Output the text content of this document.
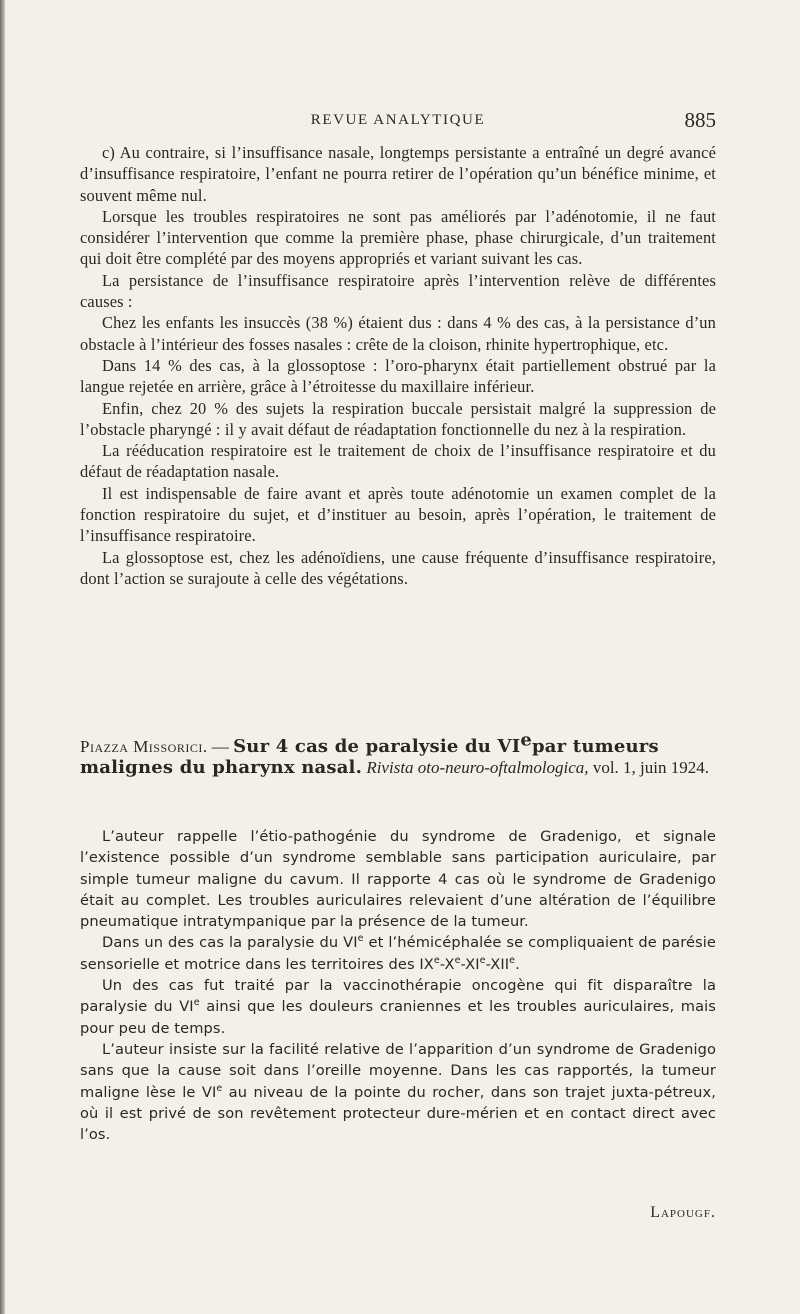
REVUE ANALYTIQUE	885

c) Au contraire, si l’insuffisance nasale, longtemps persistante a entraîné un degré avancé d’insuffisance respiratoire, l’enfant ne pourra retirer de l’opération qu’un bénéfice minime, et souvent même nul.

Lorsque les troubles respiratoires ne sont pas améliorés par l’adénotomie, il ne faut considérer l’intervention que comme la première phase, phase chirurgicale, d’un traitement qui doit être complété par des moyens appropriés et variant suivant les cas.

La persistance de l’insuffisance respiratoire après l’intervention relève de différentes causes :

Chez les enfants les insuccès (38 %) étaient dus : dans 4 % des cas, à la persistance d’un obstacle à l’intérieur des fosses nasales : crête de la cloison, rhinite hypertrophique, etc.

Dans 14 % des cas, à la glossoptose : l’oro-pharynx était partiellement obstrué par la langue rejetée en arrière, grâce à l’étroitesse du maxillaire inférieur.

Enfin, chez 20 % des sujets la respiration buccale persistait malgré la suppression de l’obstacle pharyngé : il y avait défaut de réadaptation fonctionnelle du nez à la respiration.

La rééducation respiratoire est le traitement de choix de l’insuffisance respiratoire et du défaut de réadaptation nasale.

Il est indispensable de faire avant et après toute adénotomie un examen complet de la fonction respiratoire du sujet, et d’instituer au besoin, après l’opération, le traitement de l’insuffisance respiratoire.

La glossoptose est, chez les adénoïdiens, une cause fréquente d’insuffisance respiratoire, dont l’action se surajoute à celle des végétations.

Piazza Missorici. — Sur 4 cas de paralysie du VIepar tumeurs malignes du pharynx nasal. Rivista oto-neuro-oftalmologica, vol. 1, juin 1924.

L’auteur rappelle l’étio-pathogénie du syndrome de Gradenigo, et signale l’existence possible d’un syndrome semblable sans participation auriculaire, par simple tumeur maligne du cavum. Il rapporte 4 cas où le syndrome de Gradenigo était au complet. Les troubles auriculaires relevaient d’une altération de l’équilibre pneumatique intratympanique par la présence de la tumeur.

Dans un des cas la paralysie du VIe et l’hémicéphalée se compliquaient de parésie sensorielle et motrice dans les territoires des IXe-Xe-XIe-XIIe.

Un des cas fut traité par la vaccinothérapie oncogène qui fit disparaître la paralysie du VIe ainsi que les douleurs craniennes et les troubles auriculaires, mais pour peu de temps.

L’auteur insiste sur la facilité relative de l’apparition d’un syndrome de Gradenigo sans que la cause soit dans l’oreille moyenne. Dans les cas rapportés, la tumeur maligne lèse le VIe au niveau de la pointe du rocher, dans son trajet juxta-pétreux, où il est privé de son revêtement protecteur dure-mérien et en contact direct avec l’os.

Lapougf.
